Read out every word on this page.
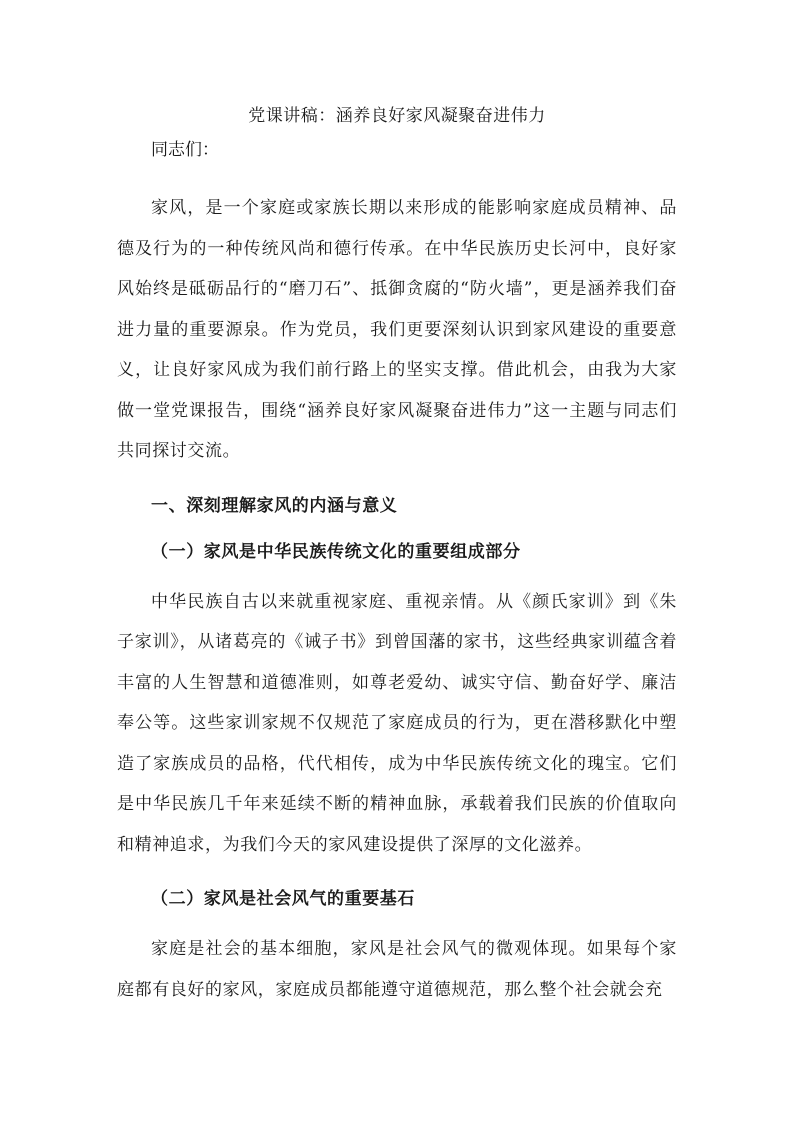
党课讲稿：涵养良好家风凝聚奋进伟力

同志们：

家风，是一个家庭或家族长期以来形成的能影响家庭成员精神、品德及行为的一种传统风尚和德行传承。在中华民族历史长河中，良好家风始终是砥砺品行的“磨刀石”、抵御贪腐的“防火墙”，更是涵养我们奋进力量的重要源泉。作为党员，我们更要深刻认识到家风建设的重要意义，让良好家风成为我们前行路上的坚实支撑。借此机会，由我为大家做一堂党课报告，围绕“涵养良好家风凝聚奋进伟力”这一主题与同志们共同探讨交流。

一、深刻理解家风的内涵与意义

（一）家风是中华民族传统文化的重要组成部分

中华民族自古以来就重视家庭、重视亲情。从《颜氏家训》到《朱子家训》，从诸葛亮的《诫子书》到曾国藩的家书，这些经典家训蕴含着丰富的人生智慧和道德准则，如尊老爱幼、诚实守信、勤奋好学、廉洁奉公等。这些家训家规不仅规范了家庭成员的行为，更在潜移默化中塑造了家族成员的品格，代代相传，成为中华民族传统文化的瑰宝。它们是中华民族几千年来延续不断的精神血脉，承载着我们民族的价值取向和精神追求，为我们今天的家风建设提供了深厚的文化滋养。

（二）家风是社会风气的重要基石

家庭是社会的基本细胞，家风是社会风气的微观体现。如果每个家庭都有良好的家风，家庭成员都能遵守道德规范，那么整个社会就会充
